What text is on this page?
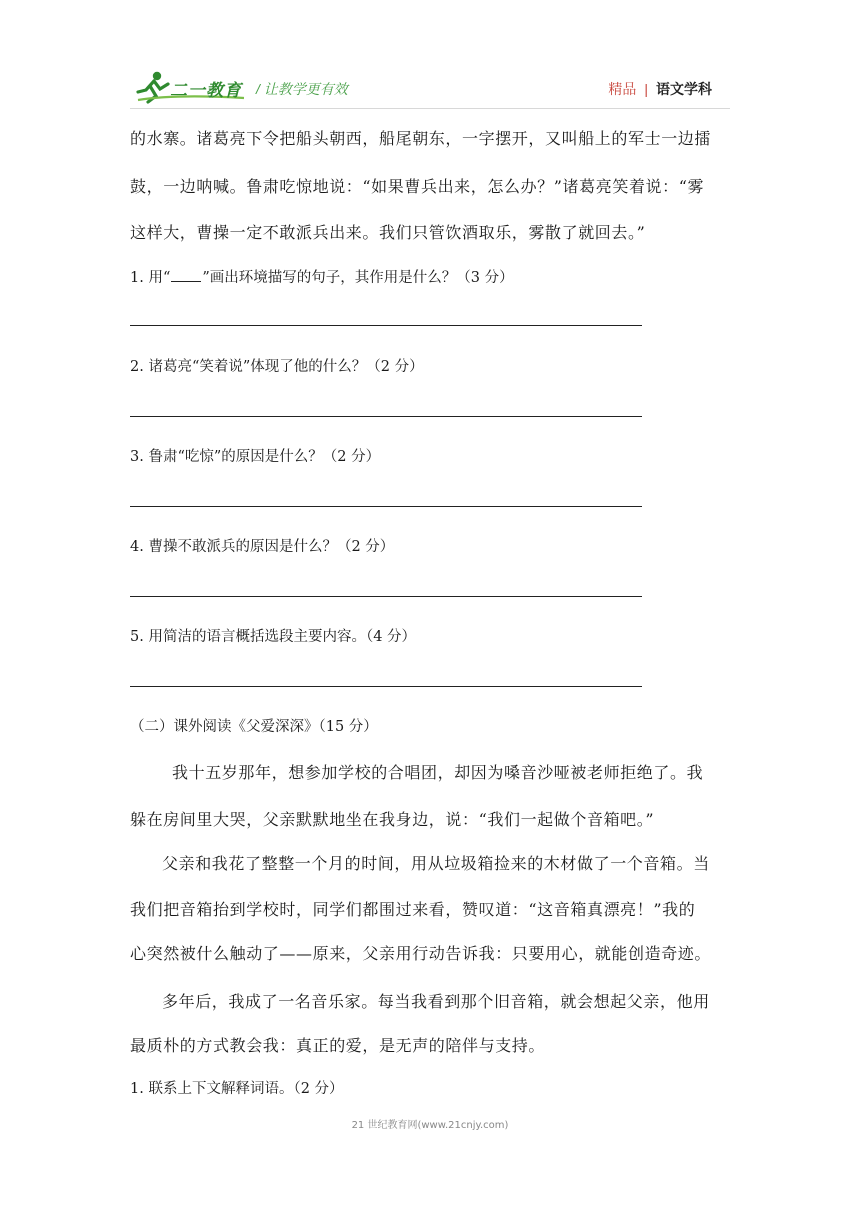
二一教育 / 让教学更有效	精品 | 语文学科
的水寨。诸葛亮下令把船头朝西，船尾朝东，一字摆开，又叫船上的军士一边擂
鼓，一边呐喊。鲁肃吃惊地说：“如果曹兵出来，怎么办？”诸葛亮笑着说：“雾
这样大，曹操一定不敢派兵出来。我们只管饮酒取乐，雾散了就回去。”
1. 用“ ”画出环境描写的句子，其作用是什么？（3 分）
2. 诸葛亮“笑着说”体现了他的什么？（2 分）
3. 鲁肃“吃惊”的原因是什么？（2 分）
4. 曹操不敢派兵的原因是什么？（2 分）
5. 用简洁的语言概括选段主要内容。（4 分）
（二）课外阅读《父爱深深》（15 分）
我十五岁那年，想参加学校的合唱团，却因为嗓音沙哑被老师拒绝了。我
躲在房间里大哭，父亲默默地坐在我身边，说：“我们一起做个音箱吧。”
父亲和我花了整整一个月的时间，用从垃圾箱捡来的木材做了一个音箱。当
我们把音箱抬到学校时，同学们都围过来看，赞叹道：“这音箱真漂亮！”我的
心突然被什么触动了——原来，父亲用行动告诉我：只要用心，就能创造奇迹。
多年后，我成了一名音乐家。每当我看到那个旧音箱，就会想起父亲，他用
最质朴的方式教会我：真正的爱，是无声的陪伴与支持。
1. 联系上下文解释词语。（2 分）
21 世纪教育网(www.21cnjy.com)
